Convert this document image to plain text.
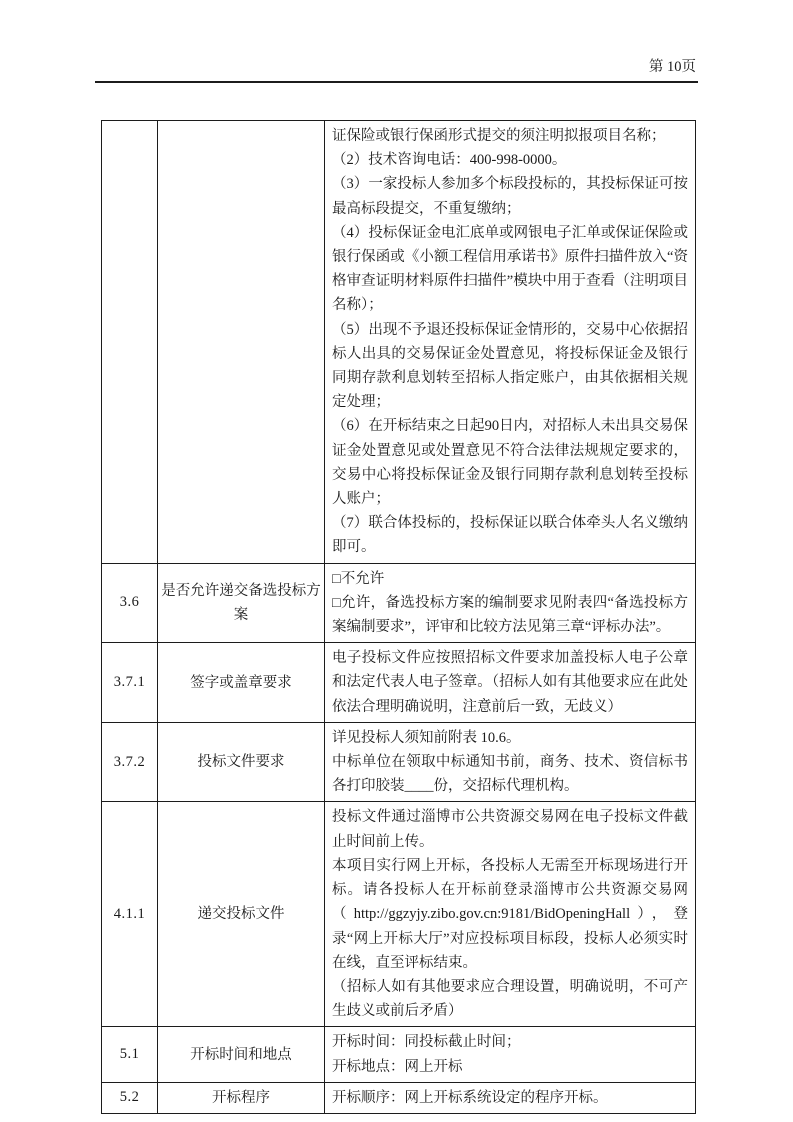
第 10页

证保险或银行保函形式提交的须注明拟报项目名称；

（2）技术咨询电话：400-998-0000。

（3）一家投标人参加多个标段投标的，其投标保证可按最高标段提交，不重复缴纳；

（4）投标保证金电汇底单或网银电子汇单或保证保险或银行保函或《小额工程信用承诺书》原件扫描件放入“资格审查证明材料原件扫描件”模块中用于查看（注明项目名称）；

（5）出现不予退还投标保证金情形的，交易中心依据招标人出具的交易保证金处置意见，将投标保证金及银行同期存款利息划转至招标人指定账户，由其依据相关规定处理；

（6）在开标结束之日起90日内，对招标人未出具交易保证金处置意见或处置意见不符合法律法规规定要求的，交易中心将投标保证金及银行同期存款利息划转至投标人账户；

（7）联合体投标的，投标保证以联合体牵头人名义缴纳即可。

3.6	是否允许递交备选投标方案	□不允许

□允许，备选投标方案的编制要求见附表四“备选投标方案编制要求”，评审和比较方法见第三章“评标办法”。

3.7.1	签字或盖章要求	电子投标文件应按照招标文件要求加盖投标人电子公章和法定代表人电子签章。（招标人如有其他要求应在此处依法合理明确说明，注意前后一致，无歧义）

3.7.2	投标文件要求	详见投标人须知前附表 10.6。

中标单位在领取中标通知书前，商务、技术、资信标书各打印胶装____份，交招标代理机构。

4.1.1	递交投标文件	投标文件通过淄博市公共资源交易网在电子投标文件截止时间前上传。

本项目实行网上开标，各投标人无需至开标现场进行开标。请各投标人在开标前登录淄博市公共资源交易网（http://ggzyjy.zibo.gov.cn:9181/BidOpeningHall），登录“网上开标大厅”对应投标项目标段，投标人必须实时在线，直至评标结束。

（招标人如有其他要求应合理设置，明确说明，不可产生歧义或前后矛盾）

5.1	开标时间和地点	开标时间：同投标截止时间；

开标地点：网上开标

5.2	开标程序	开标顺序：网上开标系统设定的程序开标。
